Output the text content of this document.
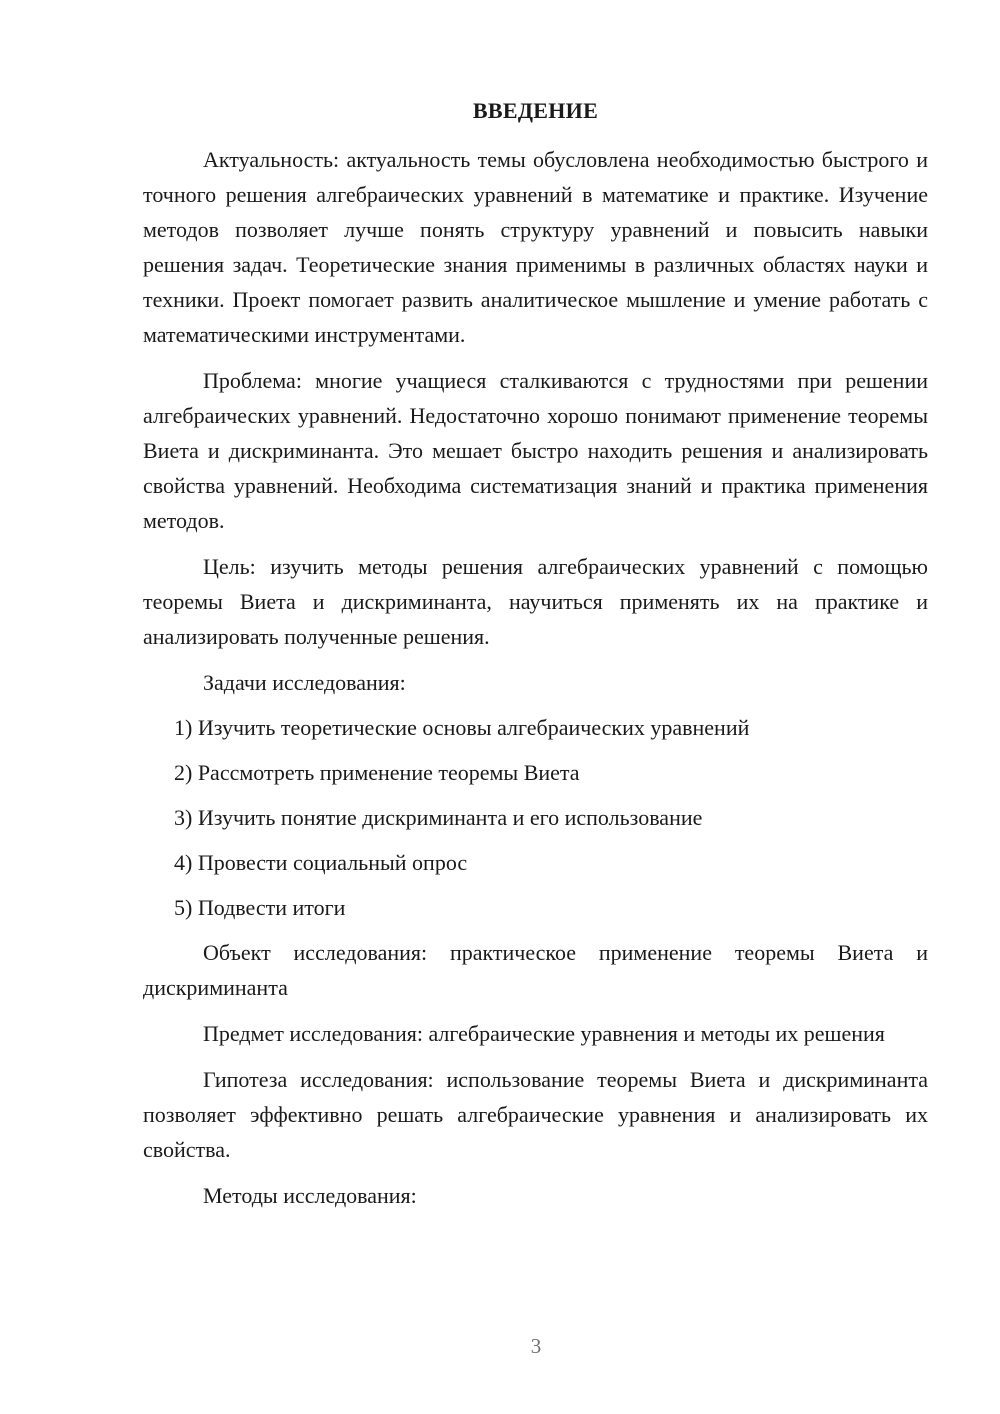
ВВЕДЕНИЕ

Актуальность: актуальность темы обусловлена необходимостью быстрого и точного решения алгебраических уравнений в математике и практике. Изучение методов позволяет лучше понять структуру уравнений и повысить навыки решения задач. Теоретические знания применимы в различных областях науки и техники. Проект помогает развить аналитическое мышление и умение работать с математическими инструментами.

Проблема: многие учащиеся сталкиваются с трудностями при решении алгебраических уравнений. Недостаточно хорошо понимают применение теоремы Виета и дискриминанта. Это мешает быстро находить решения и анализировать свойства уравнений. Необходима систематизация знаний и практика применения методов.

Цель: изучить методы решения алгебраических уравнений с помощью теоремы Виета и дискриминанта, научиться применять их на практике и анализировать полученные решения.

Задачи исследования:

1) Изучить теоретические основы алгебраических уравнений
2) Рассмотреть применение теоремы Виета
3) Изучить понятие дискриминанта и его использование
4) Провести социальный опрос
5) Подвести итоги

Объект исследования: практическое применение теоремы Виета и дискриминанта

Предмет исследования: алгебраические уравнения и методы их решения

Гипотеза исследования: использование теоремы Виета и дискриминанта позволяет эффективно решать алгебраические уравнения и анализировать их свойства.

Методы исследования:

3
